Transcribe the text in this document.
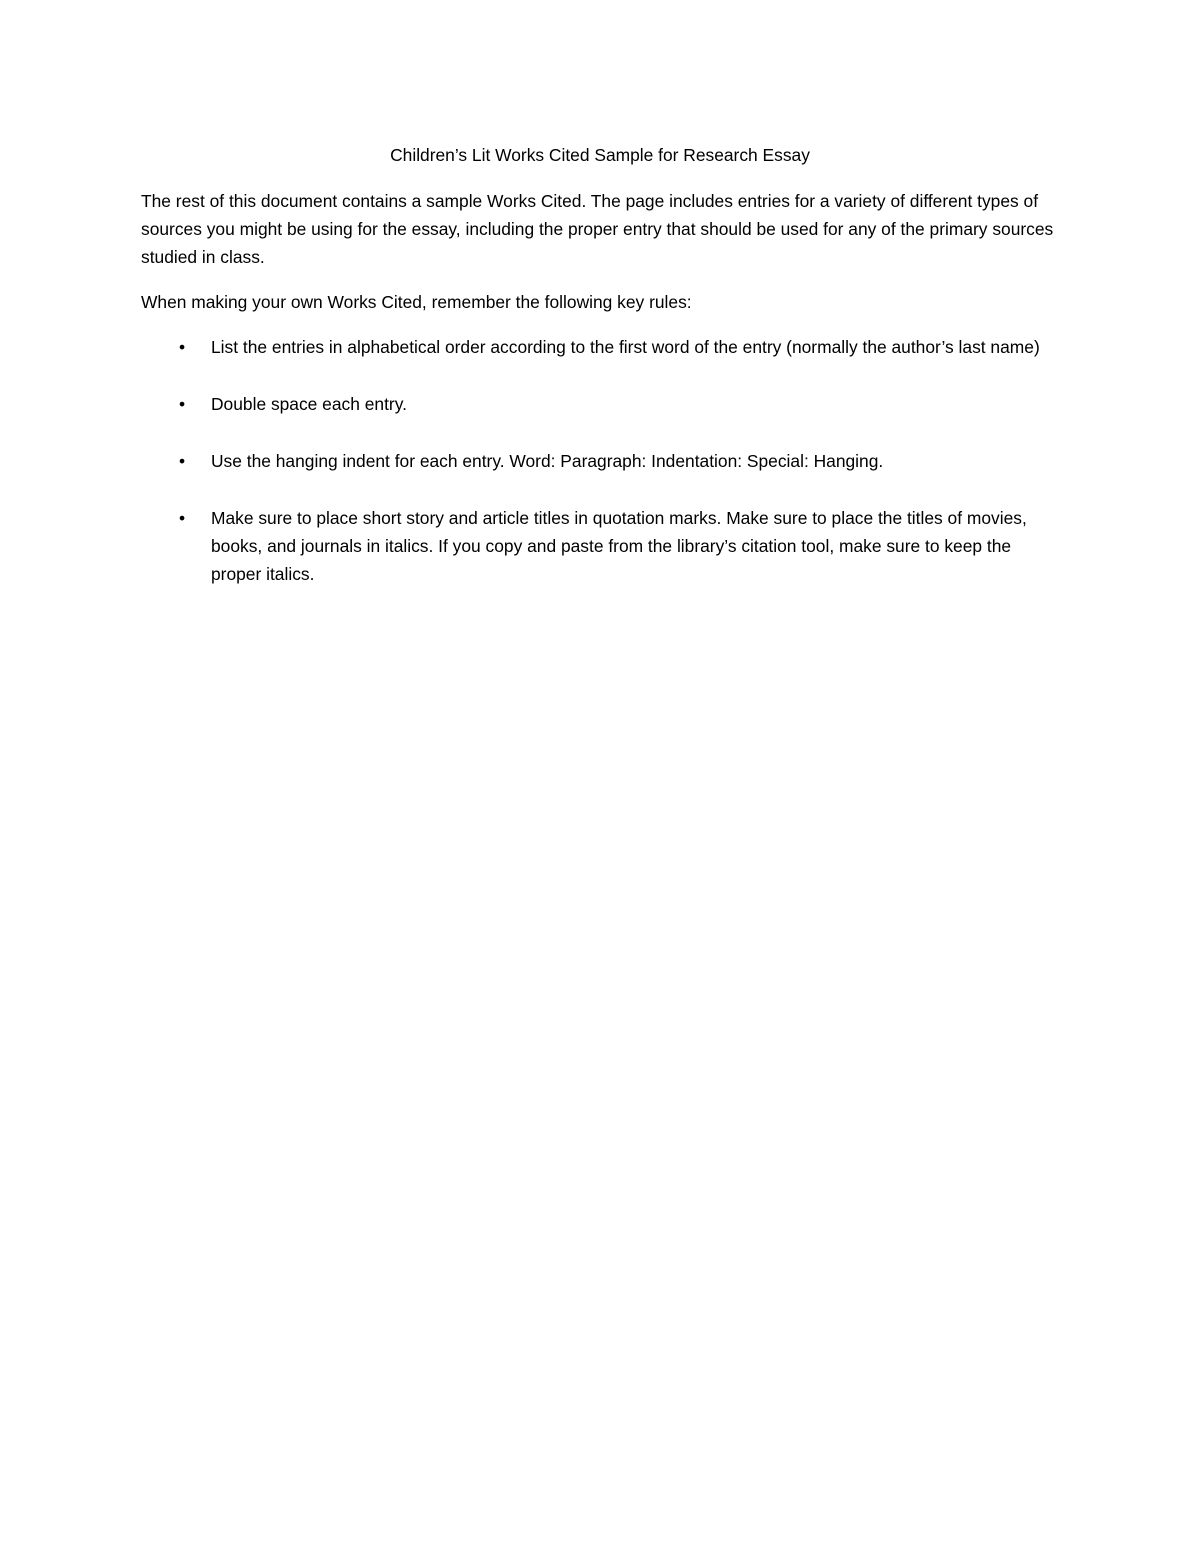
Children’s Lit Works Cited Sample for Research Essay

The rest of this document contains a sample Works Cited. The page includes entries for a variety of different types of sources you might be using for the essay, including the proper entry that should be used for any of the primary sources studied in class.

When making your own Works Cited, remember the following key rules:

• List the entries in alphabetical order according to the first word of the entry (normally the author’s last name)
• Double space each entry.
• Use the hanging indent for each entry. Word: Paragraph: Indentation: Special: Hanging.
• Make sure to place short story and article titles in quotation marks. Make sure to place the titles of movies, books, and journals in italics. If you copy and paste from the library’s citation tool, make sure to keep the proper italics.
